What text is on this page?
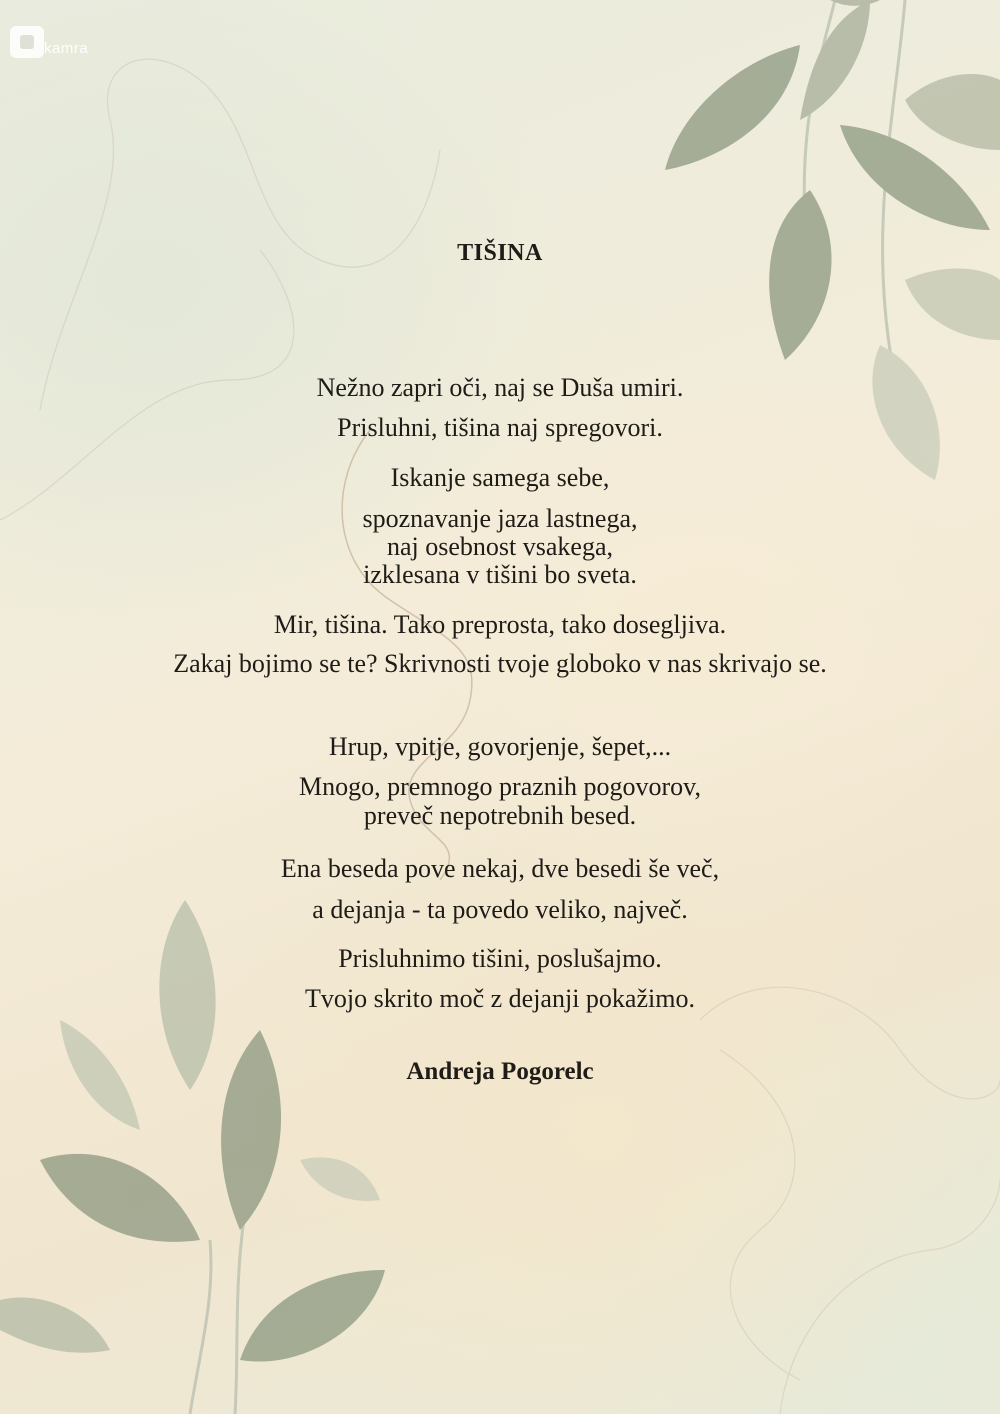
kamra
TIŠINA
Nežno zapri oči, naj se Duša umiri.
Prisluhni, tišina naj spregovori.
Iskanje samega sebe,
spoznavanje jaza lastnega,
naj osebnost vsakega,
izklesana v tišini bo sveta.
Mir, tišina. Tako preprosta, tako dosegljiva.
Zakaj bojimo se te? Skrivnosti tvoje globoko v nas skrivajo se.
Hrup, vpitje, govorjenje, šepet,...
Mnogo, premnogo praznih pogovorov,
preveč nepotrebnih besed.
Ena beseda pove nekaj, dve besedi še več,
a dejanja - ta povedo veliko, največ.
Prisluhnimo tišini, poslušajmo.
Tvojo skrito moč z dejanji pokažimo.
Andreja Pogorelc
